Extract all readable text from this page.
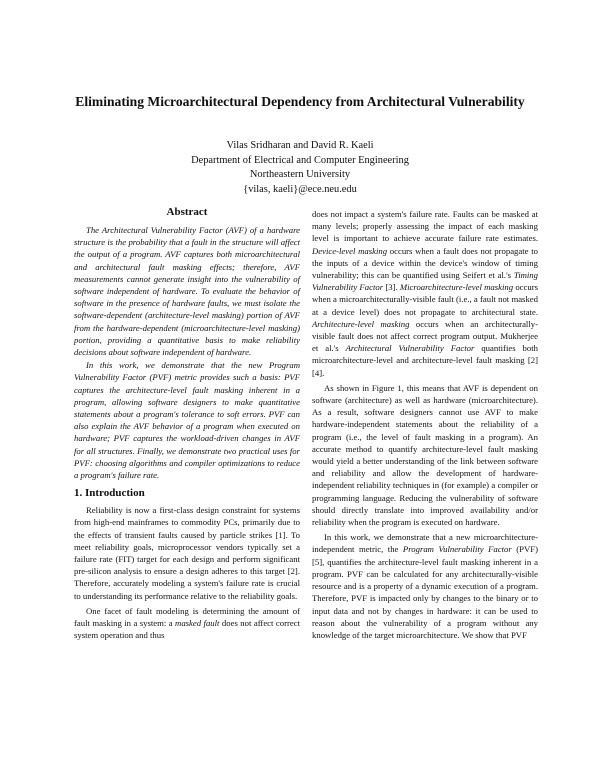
Eliminating Microarchitectural Dependency from Architectural Vulnerability
Vilas Sridharan and David R. Kaeli
Department of Electrical and Computer Engineering
Northeastern University
{vilas, kaeli}@ece.neu.edu
Abstract

The Architectural Vulnerability Factor (AVF) of a hardware structure is the probability that a fault in the structure will affect the output of a program. AVF captures both microarchitectural and architectural fault masking effects; therefore, AVF measurements cannot generate insight into the vulnerability of software independent of hardware. To evaluate the behavior of software in the presence of hardware faults, we must isolate the software-dependent (architecture-level masking) portion of AVF from the hardware-dependent (microarchitecture-level masking) portion, providing a quantitative basis to make reliability decisions about software independent of hardware.

In this work, we demonstrate that the new Program Vulnerability Factor (PVF) metric provides such a basis: PVF captures the architecture-level fault masking inherent in a program, allowing software designers to make quantitative statements about a program's tolerance to soft errors. PVF can also explain the AVF behavior of a program when executed on hardware; PVF captures the workload-driven changes in AVF for all structures. Finally, we demonstrate two practical uses for PVF: choosing algorithms and compiler optimizations to reduce a program's failure rate.

1. Introduction

Reliability is now a first-class design constraint for systems from high-end mainframes to commodity PCs, primarily due to the effects of transient faults caused by particle strikes [1]. To meet reliability goals, microprocessor vendors typically set a failure rate (FIT) target for each design and perform significant pre-silicon analysis to ensure a design adheres to this target [2]. Therefore, accurately modeling a system's failure rate is crucial to understanding its performance relative to the reliability goals.

One facet of fault modeling is determining the amount of fault masking in a system: a masked fault does not affect correct system operation and thus

does not impact a system's failure rate. Faults can be masked at many levels; properly assessing the impact of each masking level is important to achieve accurate failure rate estimates. Device-level masking occurs when a fault does not propagate to the inputs of a device within the device's window of timing vulnerability; this can be quantified using Seifert et al.'s Timing Vulnerability Factor [3]. Microarchitecture-level masking occurs when a microarchitecturally-visible fault (i.e., a fault not masked at a device level) does not propagate to architectural state. Architecture-level masking occurs when an architecturally-visible fault does not affect correct program output. Mukherjee et al.'s Architectural Vulnerability Factor quantifies both microarchitecture-level and architecture-level fault masking [2] [4].

As shown in Figure 1, this means that AVF is dependent on software (architecture) as well as hardware (microarchitecture). As a result, software designers cannot use AVF to make hardware-independent statements about the reliability of a program (i.e., the level of fault masking in a program). An accurate method to quantify architecture-level fault masking would yield a better understanding of the link between software and reliability and allow the development of hardware-independent reliability techniques in (for example) a compiler or programming language. Reducing the vulnerability of software should directly translate into improved availability and/or reliability when the program is executed on hardware.

In this work, we demonstrate that a new microarchitecture-independent metric, the Program Vulnerability Factor (PVF) [5], quantifies the architecture-level fault masking inherent in a program. PVF can be calculated for any architecturally-visible resource and is a property of a dynamic execution of a program. Therefore, PVF is impacted only by changes to the binary or to input data and not by changes in hardware: it can be used to reason about the vulnerability of a program without any knowledge of the target microarchitecture. We show that PVF
